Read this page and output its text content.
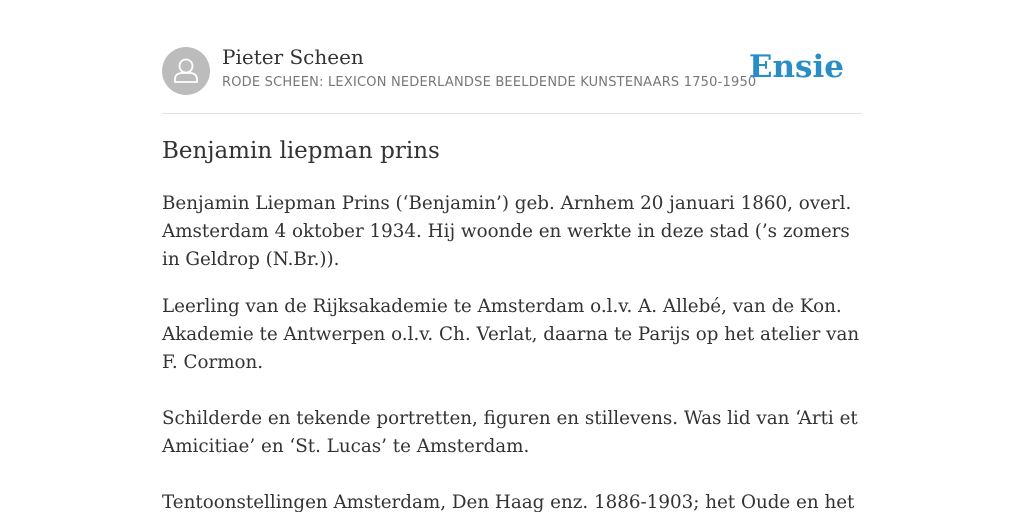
Pieter Scheen
RODE SCHEEN: LEXICON NEDERLANDSE BEELDENDE KUNSTENAARS 1750-1950
Ensie
Benjamin liepman prins

Benjamin Liepman Prins (‘Benjamin’) geb. Arnhem 20 januari 1860, overl. Amsterdam 4 oktober 1934. Hij woonde en werkte in deze stad (’s zomers in Geldrop (N.Br.)).

Leerling van de Rijksakademie te Amsterdam o.l.v. A. Allebé, van de Kon. Akademie te Antwerpen o.l.v. Ch. Verlat, daarna te Parijs op het atelier van F. Cormon.

Schilderde en tekende portretten, figuren en stillevens. Was lid van ‘Arti et Amicitiae’ en ‘St. Lucas’ te Amsterdam.

Tentoonstellingen Amsterdam, Den Haag enz. 1886-1903; het Oude en het
